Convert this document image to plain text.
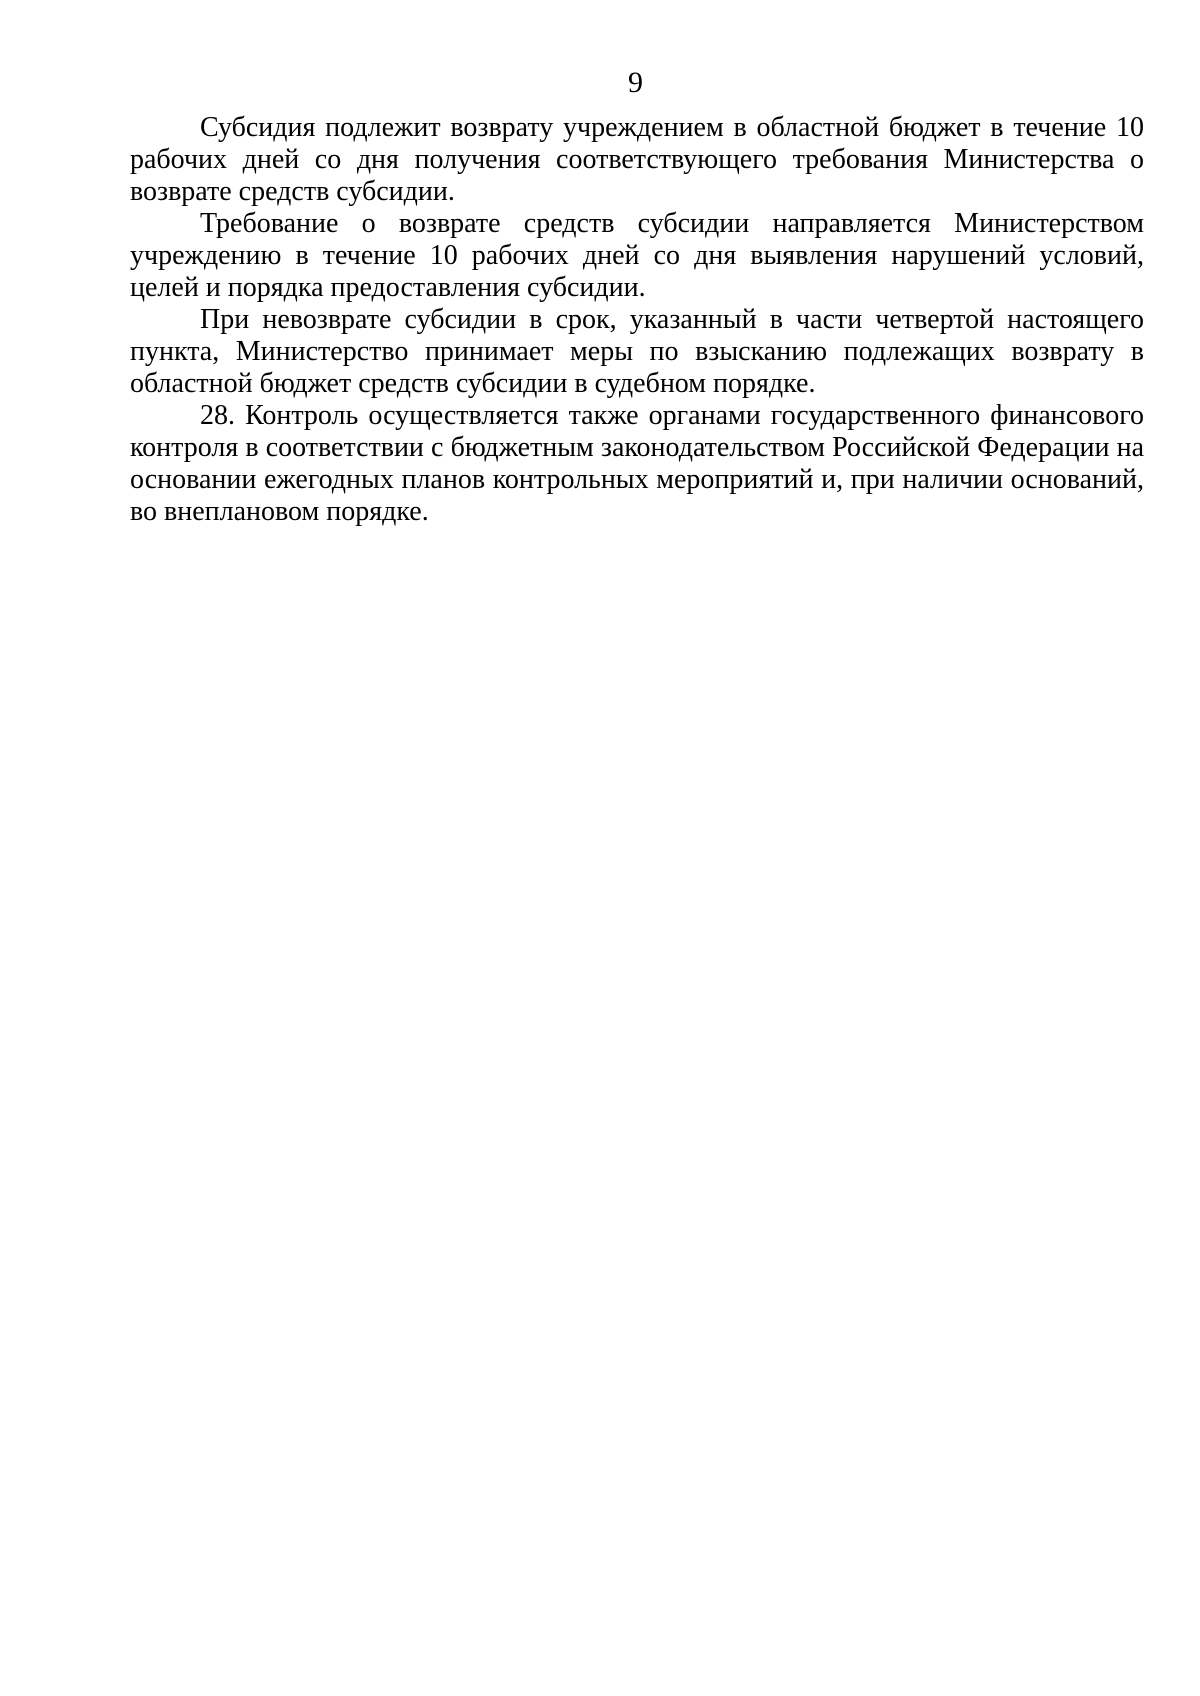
9

Субсидия подлежит возврату учреждением в областной бюджет в течение 10 рабочих дней со дня получения соответствующего требования Министерства о возврате средств субсидии.

Требование о возврате средств субсидии направляется Министерством учреждению в течение 10 рабочих дней со дня выявления нарушений условий, целей и порядка предоставления субсидии.

При невозврате субсидии в срок, указанный в части четвертой настоящего пункта, Министерство принимает меры по взысканию подлежащих возврату в областной бюджет средств субсидии в судебном порядке.

28. Контроль осуществляется также органами государственного финансового контроля в соответствии с бюджетным законодательством Российской Федерации на основании ежегодных планов контрольных мероприятий и, при наличии оснований, во внеплановом порядке.
